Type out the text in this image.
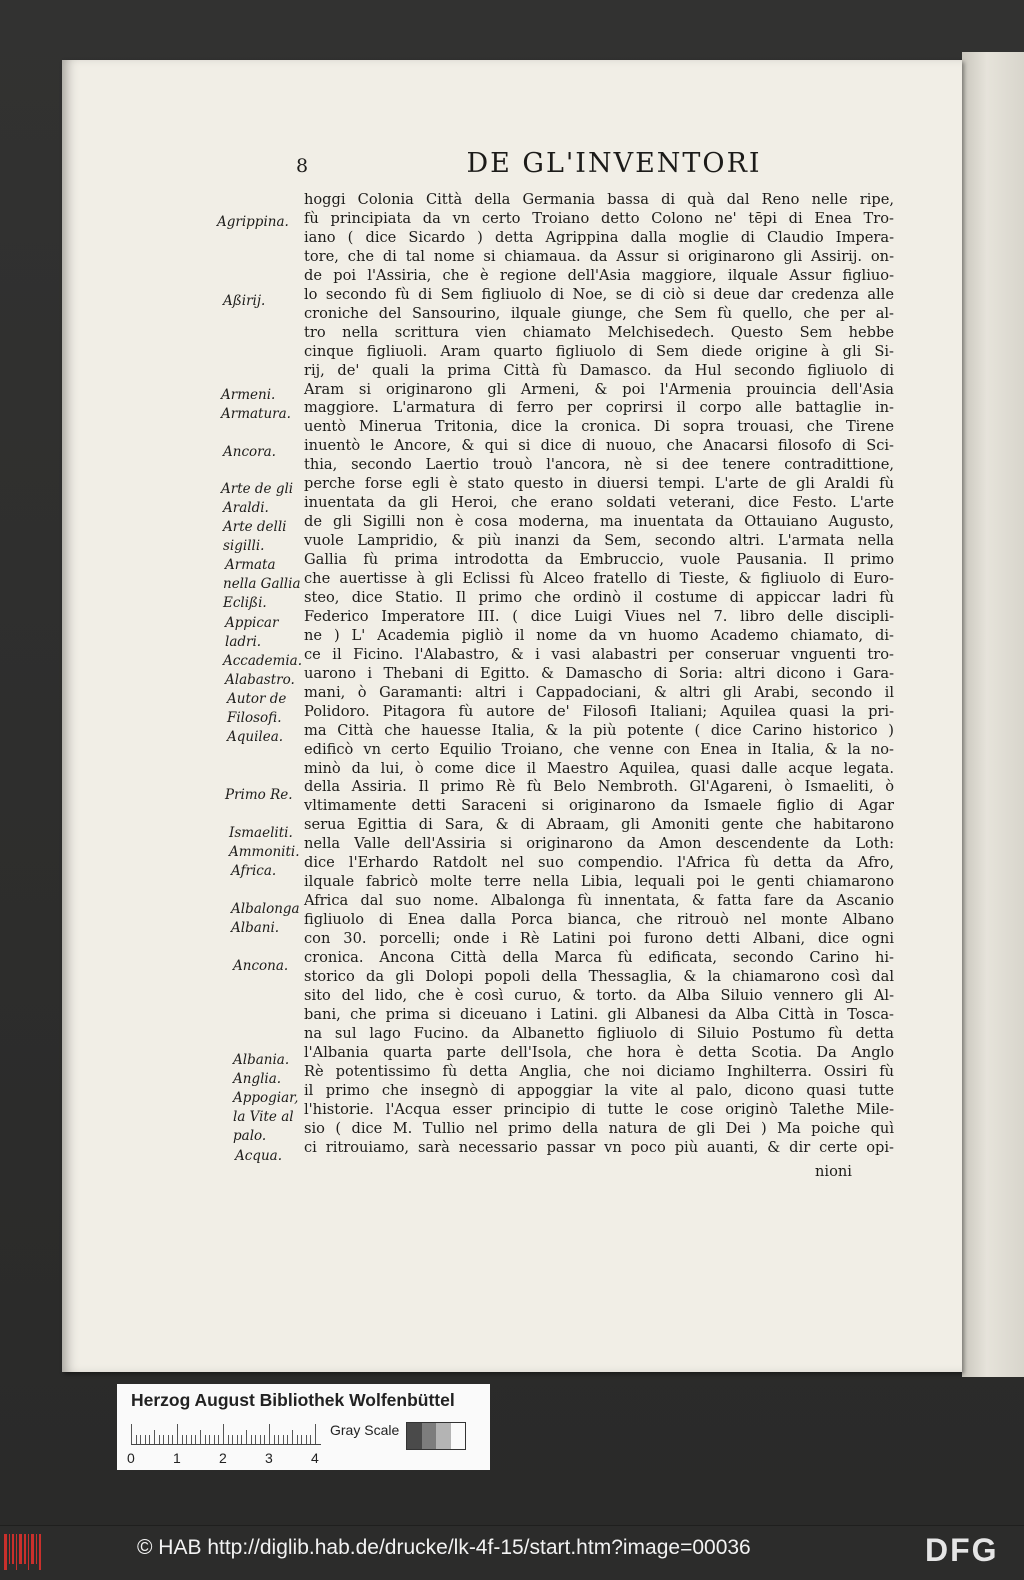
8	DE GL'INVENTORI
Agrippina.
Aßirij.
Armeni.
Armatura.
Ancora.
Arte de gli
Araldi.
Arte delli
sigilli.
Armata
nella Gallia
Eclißi.
Appicar
ladri.
Accademia.
Alabastro.
Autor de
Filosofi.
Aquilea.
Primo Re.
Ismaeliti.
Ammoniti.
Africa.
Albalonga
Albani.
Ancona.
Albania.
Anglia.
Appogiar,
la Vite al
palo.
Acqua.
hoggi Colonia Città della Germania bassa di quà dal Reno nelle ripe,
fù principiata da vn certo Troiano detto Colono ne' tēpi di Enea Tro-
iano ( dice Sicardo ) detta Agrippina dalla moglie di Claudio Impera-
tore, che di tal nome si chiamaua. da Assur si originarono gli Assirij. on-
de poi l'Assiria, che è regione dell'Asia maggiore, ilquale Assur figliuo-
lo secondo fù di Sem figliuolo di Noe, se di ciò si deue dar credenza alle
croniche del Sansourino, ilquale giunge, che Sem fù quello, che per al-
tro nella scrittura vien chiamato Melchisedech. Questo Sem hebbe
cinque figliuoli. Aram quarto figliuolo di Sem diede origine à gli Si-
rij, de' quali la prima Città fù Damasco. da Hul secondo figliuolo di
Aram si originarono gli Armeni, & poi l'Armenia prouincia dell'Asia
maggiore. L'armatura di ferro per coprirsi il corpo alle battaglie in-
uentò Minerua Tritonia, dice la cronica. Di sopra trouasi, che Tirene
inuentò le Ancore, & qui si dice di nuouo, che Anacarsi filosofo di Sci-
thia, secondo Laertio trouò l'ancora, nè si dee tenere contradittione,
perche forse egli è stato questo in diuersi tempi. L'arte de gli Araldi fù
inuentata da gli Heroi, che erano soldati veterani, dice Festo. L'arte
de gli Sigilli non è cosa moderna, ma inuentata da Ottauiano Augusto,
vuole Lampridio, & più inanzi da Sem, secondo altri. L'armata nella
Gallia fù prima introdotta da Embruccio, vuole Pausania. Il primo
che auertisse à gli Eclissi fù Alceo fratello di Tieste, & figliuolo di Euro-
steo, dice Statio. Il primo che ordinò il costume di appiccar ladri fù
Federico Imperatore III. ( dice Luigi Viues nel 7. libro delle discipli-
ne ) L' Academia pigliò il nome da vn huomo Academo chiamato, di-
ce il Ficino. l'Alabastro, & i vasi alabastri per conseruar vnguenti tro-
uarono i Thebani di Egitto. & Damascho di Soria: altri dicono i Gara-
mani, ò Garamanti: altri i Cappadociani, & altri gli Arabi, secondo il
Polidoro. Pitagora fù autore de' Filosofi Italiani; Aquilea quasi la pri-
ma Città che hauesse Italia, & la più potente ( dice Carino historico )
edificò vn certo Equilio Troiano, che venne con Enea in Italia, & la no-
minò da lui, ò come dice il Maestro Aquilea, quasi dalle acque legata.
della Assiria. Il primo Rè fù Belo Nembroth. Gl'Agareni, ò Ismaeliti, ò
vltimamente detti Saraceni si originarono da Ismaele figlio di Agar
serua Egittia di Sara, & di Abraam, gli Amoniti gente che habitarono
nella Valle dell'Assiria si originarono da Amon descendente da Loth:
dice l'Erhardo Ratdolt nel suo compendio. l'Africa fù detta da Afro,
ilquale fabricò molte terre nella Libia, lequali poi le genti chiamarono
Africa dal suo nome. Albalonga fù innentata, & fatta fare da Ascanio
figliuolo di Enea dalla Porca bianca, che ritrouò nel monte Albano
con 30. porcelli; onde i Rè Latini poi furono detti Albani, dice ogni
cronica. Ancona Città della Marca fù edificata, secondo Carino hi-
storico da gli Dolopi popoli della Thessaglia, & la chiamarono così dal
sito del lido, che è così curuo, & torto. da Alba Siluio vennero gli Al-
bani, che prima si diceuano i Latini. gli Albanesi da Alba Città in Tosca-
na sul lago Fucino. da Albanetto figliuolo di Siluio Postumo fù detta
l'Albania quarta parte dell'Isola, che hora è detta Scotia. Da Anglo
Rè potentissimo fù detta Anglia, che noi diciamo Inghilterra. Ossiri fù
il primo che insegnò di appoggiar la vite al palo, dicono quasi tutte
l'historie. l'Acqua esser principio di tutte le cose originò Talethe Mile-
sio ( dice M. Tullio nel primo della natura de gli Dei ) Ma poiche quì
ci ritrouiamo, sarà necessario passar vn poco più auanti, & dir certe opi-
nioni
Herzog August Bibliothek Wolfenbüttel
0	1	2	3	4
Gray Scale
© HAB http://diglib.hab.de/drucke/lk-4f-15/start.htm?image=00036	DFG
